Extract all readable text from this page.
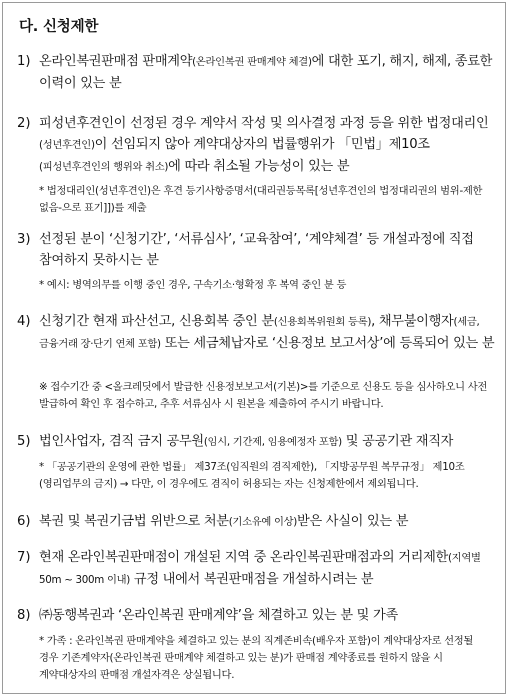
다. 신청제한
1) 온라인복권판매점 판매계약(온라인복권 판매계약 체결)에 대한 포기, 해지, 해제, 종료한 이력이 있는 분
2) 피성년후견인이 선정된 경우 계약서 작성 및 의사결정 과정 등을 위한 법정대리인(성년후견인)이 선임되지 않아 계약대상자의 법률행위가 「민법」제10조(피성년후견인의 행위와 취소)에 따라 취소될 가능성이 있는 분
* 법정대리인(성년후견인)은 후견 등기사항증명서(대리권등목록[성년후견인의 법정대리권의 범위-제한 없음-으로 표기]])를 제출
3) 선정된 분이 ‘신청기간’, ‘서류심사’, ‘교육참여’, ‘계약체결’ 등 개설과정에 직접 참여하지 못하시는 분
* 예시: 병역의무를 이행 중인 경우, 구속기소·형확정 후 복역 중인 분 등
4) 신청기간 현재 파산선고, 신용회복 중인 분(신용회복위원회 등록), 채무불이행자(세금, 금융거래 장·단기 연체 포함) 또는 세금체납자로 ‘신용정보 보고서상’에 등록되어 있는 분
※ 접수기간 중 <올크레딧에서 발급한 신용정보보고서(기본)>를 기준으로 신용도 등을 심사하오니 사전 발급하여 확인 후 접수하고, 추후 서류심사 시 원본을 제출하여 주시기 바랍니다.
5) 법인사업자, 겸직 금지 공무원(임시, 기간제, 임용예정자 포함) 및 공공기관 재직자
* 「공공기관의 운영에 관한 법률」 제37조(임직원의 겸직제한), 「지방공무원 복무규정」 제10조(영리업무의 금지) → 다만, 이 경우에도 겸직이 허용되는 자는 신청제한에서 제외됩니다.
6) 복권 및 복권기금법 위반으로 처분(기소유예 이상)받은 사실이 있는 분
7) 현재 온라인복권판매점이 개설된 지역 중 온라인복권판매점과의 거리제한(지역별 50m ~ 300m 이내) 규정 내에서 복권판매점을 개설하시려는 분
8) ㈜동행복권과 ‘온라인복권 판매계약’을 체결하고 있는 분 및 가족
* 가족 : 온라인복권 판매계약을 체결하고 있는 분의 직계존비속(배우자 포함)이 계약대상자로 선정될 경우 기존계약자(온라인복권 판매계약 체결하고 있는 분)가 판매점 계약종료를 원하지 않을 시 계약대상자의 판매점 개설자격은 상실됩니다.
